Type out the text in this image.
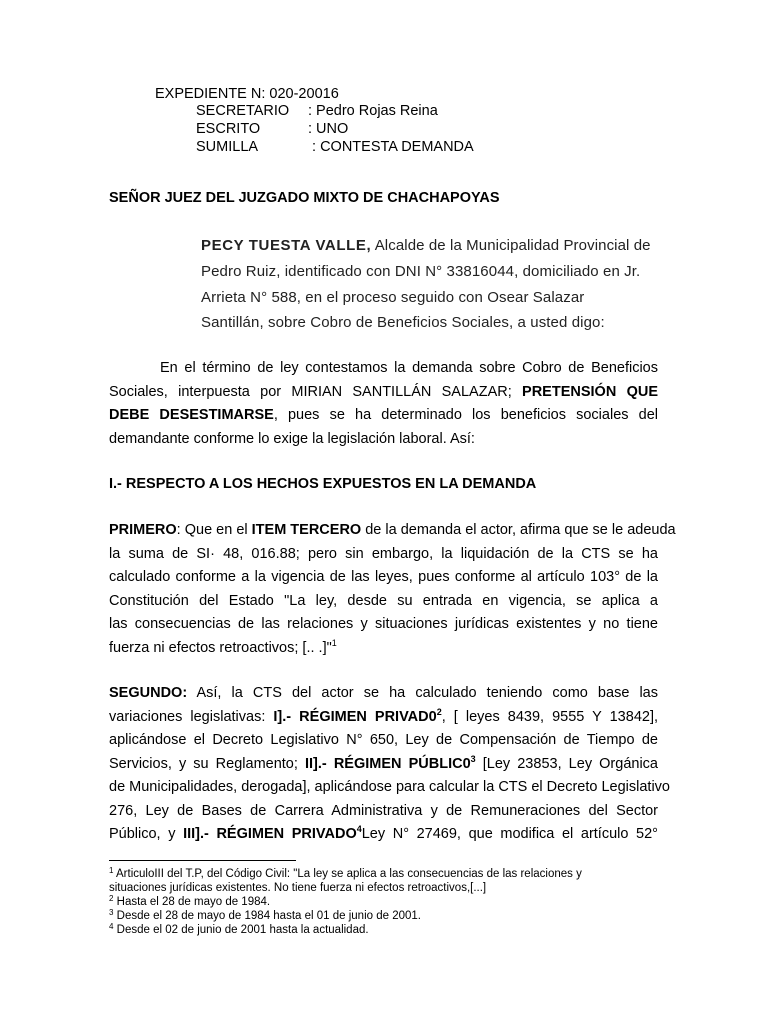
EXPEDIENTE N: 020-20016
SECRETARIO : Pedro Rojas Reina
ESCRITO	: UNO
SUMILLA	: CONTESTA DEMANDA
SEÑOR JUEZ DEL JUZGADO MIXTO DE CHACHAPOYAS
PECY TUESTA VALLE, Alcalde de la Municipalidad Provincial de
Pedro Ruiz, identificado con DNI N° 33816044, domiciliado en Jr.
Arrieta N° 588, en el proceso seguido con Osear Salazar
Santillán, sobre Cobro de Beneficios Sociales, a usted digo:
En el término de ley contestamos la demanda sobre Cobro de Beneficios
Sociales, interpuesta por MIRIAN SANTILLÁN SALAZAR; PRETENSIÓN QUE
DEBE DESESTIMARSE, pues se ha determinado los beneficios sociales del
demandante conforme lo exige la legislación laboral. Así:
I.- RESPECTO A LOS HECHOS EXPUESTOS EN LA DEMANDA
PRIMERO: Que en el ITEM TERCERO de la demanda el actor, afirma que se le adeuda
la suma de SI· 48, 016.88; pero sin embargo, la liquidación de la CTS se ha
calculado conforme a la vigencia de las leyes, pues conforme al artículo 103° de la
Constitución del Estado "La ley, desde su entrada en vigencia, se aplica a
las consecuencias de las relaciones y situaciones jurídicas existentes y no tiene
fuerza ni efectos retroactivos; [.. .]"$^1$
SEGUNDO: Así, la CTS del actor se ha calculado teniendo como base las
variaciones legislativas: I].- RÉGIMEN $PRIVAD0^2$, [ leyes 8439, 9555 Y 13842],
aplicándose el Decreto Legislativo N° 650, Ley de Compensación de Tiempo de
Servicios, y su Reglamento; II].- RÉGIMEN $PÚBLIC0^3$ [Ley 23853, Ley Orgánica
de Municipalidades, derogada], aplicándose para calcular la CTS el Decreto Legislativo
276, Ley de Bases de Carrera Administrativa y de Remuneraciones del Sector
Público, y III].- RÉGIMEN PRIVADO$^4$Ley N° 27469, que modifica el artículo 52°
$^1$ ArticuloIII del T.P, del Código Civil: "La ley se aplica a las consecuencias de las relaciones y
situaciones jurídicas existentes. No tiene fuerza ni efectos retroactivos,[...]
$^2$ Hasta el 28 de mayo de 1984.
$^3$ Desde el 28 de mayo de 1984 hasta el 01 de junio de 2001.
$^4$ Desde el 02 de junio de 2001 hasta la actualidad.
